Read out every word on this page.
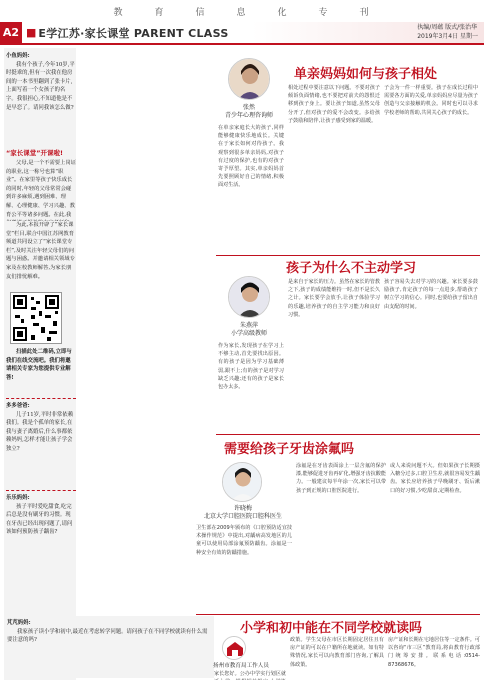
教	育	信	息	化	专	刊
A2 ■ E学江苏·家长课堂 PARENT CLASS	执编/周蕴 版式/张治华
2019年3月4日 星期一
小鱼妈妈:
我有个孩子,今年10岁,平时挺乖的,但有一次我在他房间的一本书里翻到了张卡片,上面写着一个女孩子的名字。我很担心,不知道他是不是早恋了。请问我该怎么做?
“家长课堂”开课啦!
父母,是一个不需要上岗证的职业,这一称号也算“职业”。在家里等孩子快乐成长的同时,年轻的父母常常会碰到许多麻烦,遇到困难、理解、心理健康、学习兴趣、教育公平等诸多问题。在此,我
为此,本报开辟了“家长课堂”栏目,联合中国江苏网教育频道共同设立了“家长课堂专栏”,及时关注年轻父母们的问题与困惑。并邀请相关领域专家及在校教师解答,为家长朋友们排忧解难。
扫描此处二维码,立即与我们在线交流吧。我们将邀请相关专家为您提供专业解答!
多多爸爸:
儿子11岁,平时非常依赖我们。我是个孤单的家长,在我与妻子离婚后,什么事都依赖妈妈,怎样才能让孩子学会独立?
乐乐妈妈:
孩子平时爱吃甜食,吃完后总是没有刷牙的习惯。现在牙齿已经出现问题了,请问该如何预防孩子龋齿?
芃芃妈妈:
我家孩子读小学和初中,最近在考虑转学问题。请问孩子在不同学校就读有什么需要注意的吗?
单亲妈妈如何与孩子相处
张然
青少年心理咨询师
在单亲家庭长大的孩子,同样能够健康快乐地成长。关键在于家长如何对待孩子。我观察到很多单亲妈妈,对孩子有过度的保护,也有的对孩子寄予厚望。其实,单亲妈妈首先要照顾好自己的情绪,积极面对生活。
相处过程中要注意以下问题。不要对孩子倾诉负面情绪,也不要把对前夫的怨恨迁移到孩子身上。要让孩子知道,虽然父母分开了,但对孩子的爱不会改变。多给孩子鼓励和陪伴,让孩子感受到家的温暖。
子会为一件一样重要。孩子在成长过程中需要各方面的关爱,单亲妈妈应尽量为孩子创造与父亲接触的机会。同时也可以寻求学校老师的帮助,共同关心孩子的成长。
孩子为什么不主动学习
朱燕萍
小学高级教师
作为家长,发现孩子在学习上不够主动,首先要找出原因。有的孩子是因为学习基础薄弱,跟不上;有的孩子是对学习缺乏兴趣;还有的孩子是家长包办太多。
是来自于家长的压力。虽然在家长的管教之下,孩子的成绩能维持一时,但不是长久之计。家长要学会放手,让孩子体验学习的乐趣,培养孩子的自主学习能力和良好习惯。
孩子容易失去对学习的兴趣。家长要多鼓励孩子,肯定孩子的每一点进步,帮助孩子树立学习的信心。同时,也要给孩子留出自由支配的时间。
需要给孩子牙齿涂氟吗
许晓梅
北京大学口腔医院口腔科医生
卫生部在2009年颁布的《口腔预防适宜技术操作规范》中提出,对龋病高发地区的儿童可以使用局部涂氟预防龋齿。涂氟是一种安全有效的防龋措施。
涂氟是在牙齿表面涂上一层含氟的保护漆,能够促进牙齿再矿化,增强牙齿抗酸能力。一般建议每半年涂一次,家长可以带孩子到正规的口腔医院进行。
或人来说问题不大。但如果孩子长期摄入糖分过多,口腔卫生差,就很容易发生龋齿。家长应培养孩子早晚刷牙、饭后漱口的好习惯,少吃甜食,定期检查。
小学和初中能在不同学校就读吗
扬州市教育局工作人员
家长您好。公办中学实行划区就
政策。学生父母在市区长期固定居住且有房产证的可以在户籍所在地就读。如有特殊情况,家长可以向教育部门咨询,了解具体政策。
房产证和长期在宅地居住等一定条件。可以咨询“市三区”教育局,将由教育行政部门统筹安排。联系电话:0514-87368676。
